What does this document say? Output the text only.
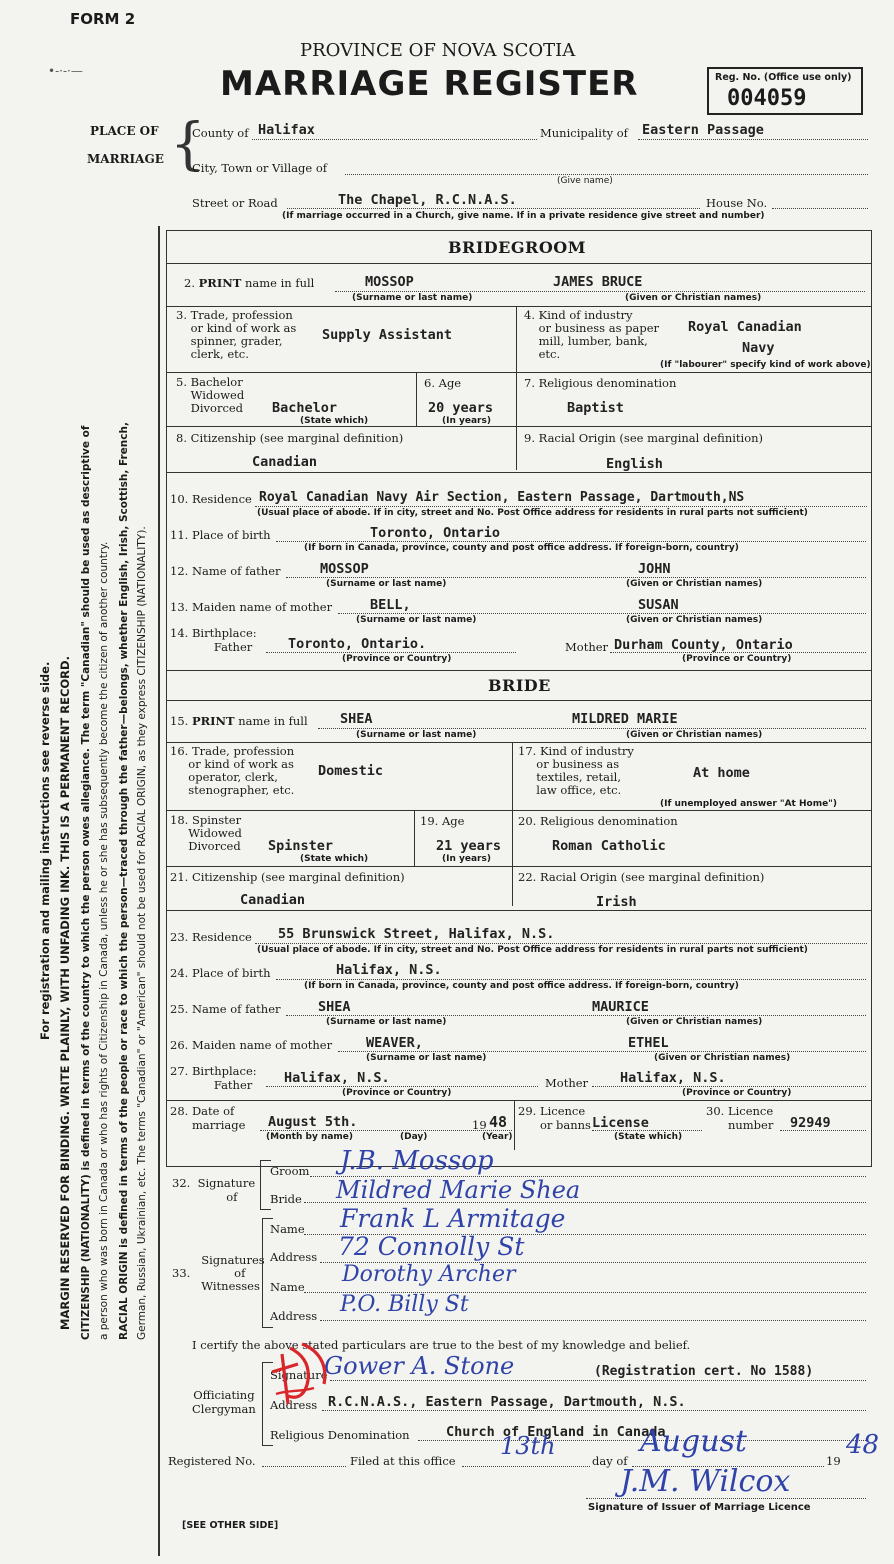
FORM 2
PROVINCE OF NOVA SCOTIA
MARRIAGE REGISTER	Reg. No. (Office use only)
004059
PLACE OF
MARRIAGE {
County of Halifax	Municipality of Eastern Passage
City, Town or Village of
(Give name)
Street or Road	The Chapel, R.C.N.A.S.	House No.
(If marriage occurred in a Church, give name. If in a private residence give street and number)
For registration and mailing instructions see reverse side. MARGIN RESERVED FOR BINDING. WRITE PLAINLY, WITH UNFADING INK. THIS IS A PERMANENT RECORD. CITIZENSHIP (NATIONALITY) is defined in terms of the country to which the person owes allegiance. The term "Canadian" should be used as descriptive of a person who was born in Canada or who has rights of Citizenship in Canada, unless he or she has subsequently become the citizen of another country. RACIAL ORIGIN is defined in terms of the people or race to which the person—traced through the father—belongs, whether English, Irish, Scottish, French, German, Russian, Ukrainian, etc. The terms "Canadian" or "American" should not be used for RACIAL ORIGIN, as they express CITIZENSHIP (NATIONALITY).
BRIDEGROOM
2. PRINT name in full	MOSSOP	JAMES BRUCE
(Surname or last name)	(Given or Christian names)
3. Trade, profession
or kind of work as
spinner, grader,
clerk, etc.
Supply Assistant
4. Kind of industry
or business as paper
mill, lumber, bank,
etc.
Royal Canadian
Navy
(If "labourer" specify kind of work above)
5. Bachelor
Widowed
Divorced Bachelor
(State which)
6. Age
20 years
(In years)
7. Religious denomination
Baptist
8. Citizenship (see marginal definition)
Canadian
9. Racial Origin (see marginal definition)
English
10. Residence Royal Canadian Navy Air Section, Eastern Passage, Dartmouth,NS
(Usual place of abode. If in city, street and No. Post Office address for residents in rural parts not sufficient)
11. Place of birth	Toronto, Ontario
(If born in Canada, province, county and post office address. If foreign-born, country)
12. Name of father	MOSSOP	JOHN
(Surname or last name)	(Given or Christian names)
13. Maiden name of mother	BELL,	SUSAN
(Surname or last name)	(Given or Christian names)
14. Birthplace:
Father	Toronto, Ontario.
(Province or Country)
Mother Durham County, Ontario
(Province or Country)
BRIDE
15. PRINT name in full SHEA	MILDRED MARIE
(Surname or last name)	(Given or Christian names)
16. Trade, profession
or kind of work as
operator, clerk,
stenographer, etc.
Domestic
17. Kind of industry
or business as
textiles, retail,
law office, etc.
At home
(If unemployed answer "At Home")
18. Spinster
Widowed
Divorced Spinster
(State which)
19. Age
21 years
(In years)
20. Religious denomination
Roman Catholic
21. Citizenship (see marginal definition)
Canadian
22. Racial Origin (see marginal definition)
Irish
23. Residence 55 Brunswick Street, Halifax, N.S.
(Usual place of abode. If in city, street and No. Post Office address for residents in rural parts not sufficient)
24. Place of birth	Halifax, N.S.
(If born in Canada, province, county and post office address. If foreign-born, country)
25. Name of father	SHEA	MAURICE
(Surname or last name)	(Given or Christian names)
26. Maiden name of mother	WEAVER,	ETHEL
(Surname or last name)	(Given or Christian names)
27. Birthplace:
Father	Halifax, N.S.
(Province or Country)
Mother Halifax, N.S.
(Province or Country)
28. Date of
marriage August 5th.	19 48
(Month by name)	(Day)	(Year)
29. Licence
or banns License
(State which)
30. Licence
number 92949
32.  Signature
of
Groom J.B. Mossop
Bride Mildred Marie Shea
Signatures
33.            of
Witnesses
Name Frank L Armitage
Address 72 Connolly St
Name Dorothy Archer
Address P.O. Billy St
I certify the above stated particulars are true to the best of my knowledge and belief.
Officiating
Clergyman
Signature
Gower A. Stone	(Registration cert. No 1588)
Address R.C.N.A.S., Eastern Passage, Dartmouth, N.S.
Religious Denomination	Church of England in Canada
Registered No.	Filed at this office
13th
day of
August
19
48
J.M. Wilcox
Signature of Issuer of Marriage Licence
[SEE OTHER SIDE]
•-·-·—
